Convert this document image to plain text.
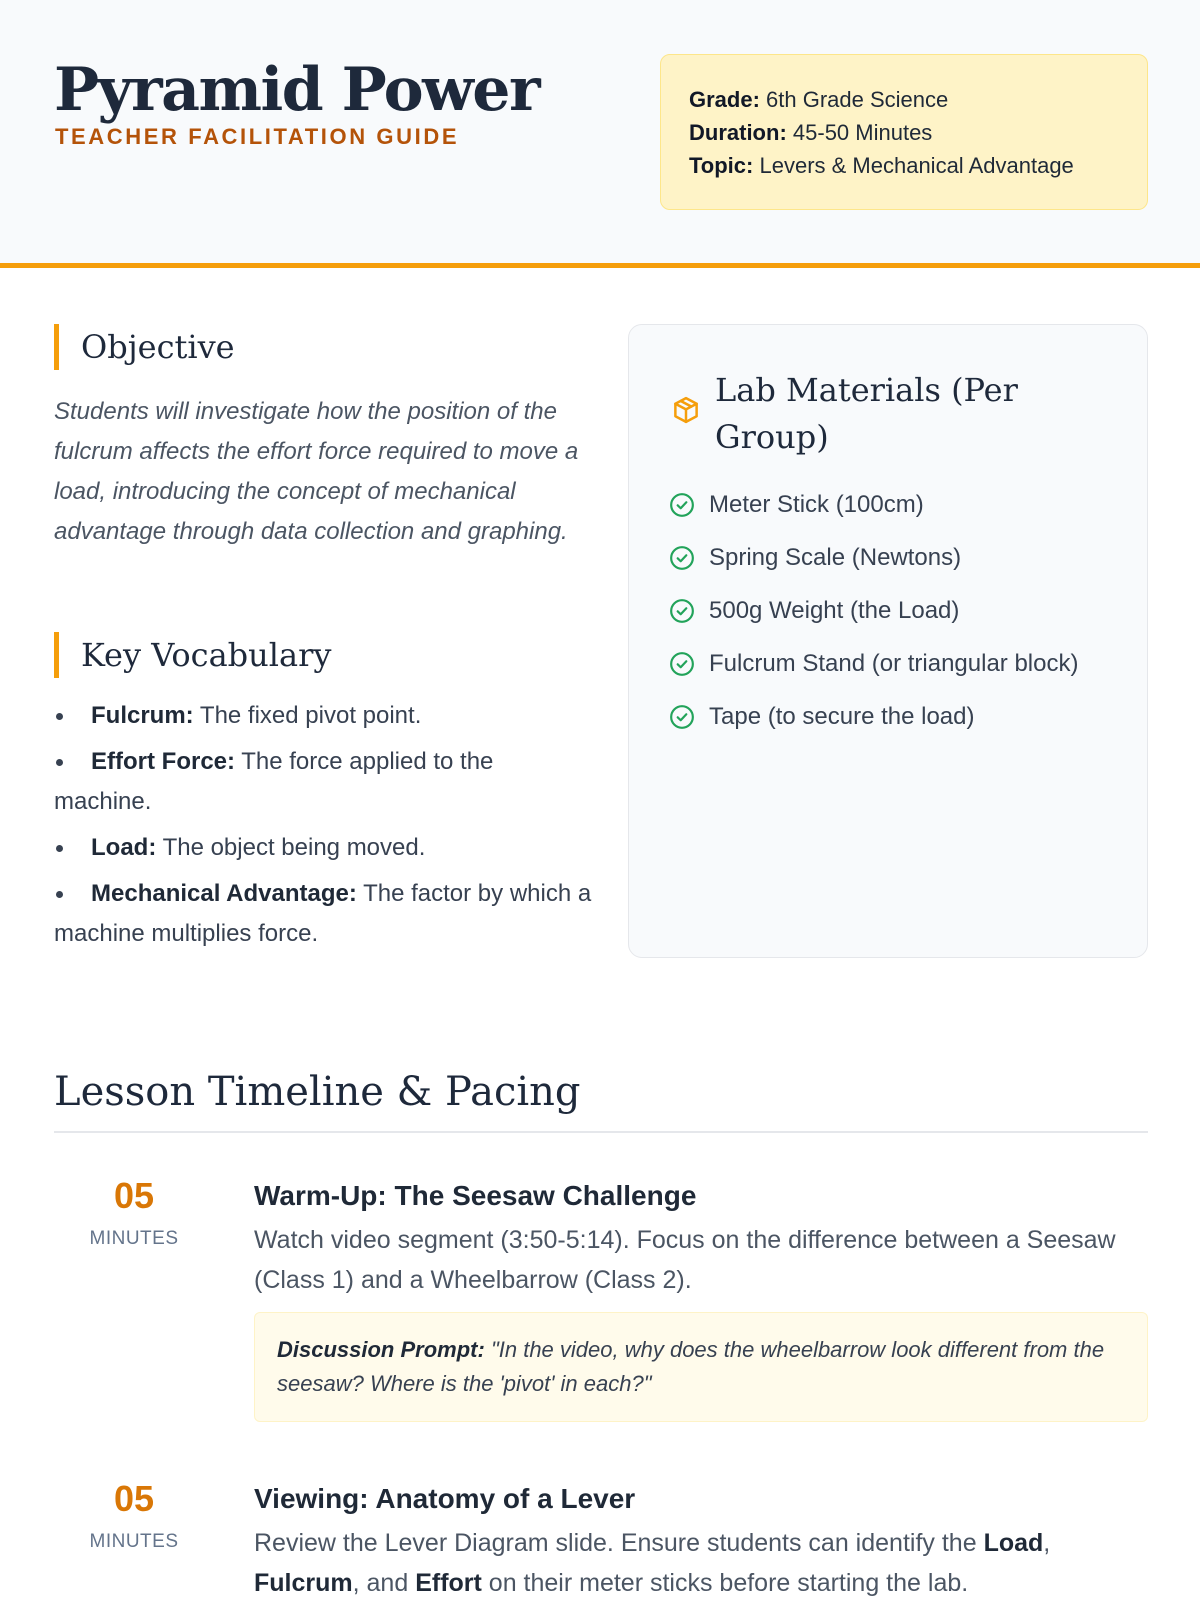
Pyramid Power
TEACHER FACILITATION GUIDE
Grade: 6th Grade Science
Duration: 45-50 Minutes
Topic: Levers & Mechanical Advantage
Objective

Students will investigate how the position of the fulcrum affects the effort force required to move a load, introducing the concept of mechanical advantage through data collection and graphing.

Key Vocabulary
Fulcrum: The fixed pivot point.
Effort Force: The force applied to the machine.
Load: The object being moved.
Mechanical Advantage: The factor by which a machine multiplies force.
Lab Materials (Per Group)
Meter Stick (100cm)
Spring Scale (Newtons)
500g Weight (the Load)
Fulcrum Stand (or triangular block)
Tape (to secure the load)
Lesson Timeline & Pacing
05
MINUTES
Warm-Up: The Seesaw Challenge
Watch video segment (3:50-5:14). Focus on the difference between a Seesaw (Class 1) and a Wheelbarrow (Class 2).
Discussion Prompt: "In the video, why does the wheelbarrow look different from the seesaw? Where is the 'pivot' in each?"
05
MINUTES
Viewing: Anatomy of a Lever
Review the Lever Diagram slide. Ensure students can identify the Load, Fulcrum, and Effort on their meter sticks before starting the lab.
